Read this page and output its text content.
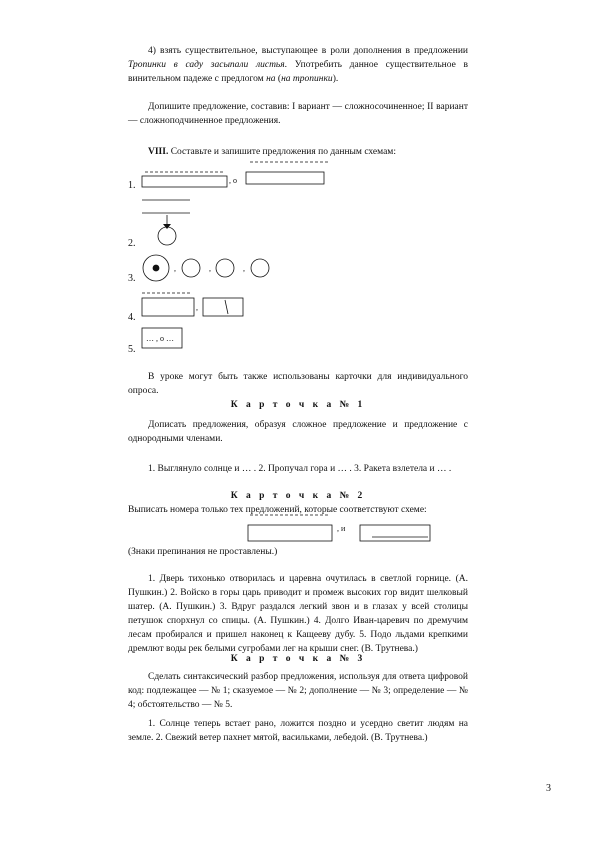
4) взять существительное, выступающее в роли дополнения в предложении Тропинки в саду засыпали листья. Употребить данное существительное в винительном падеже с предлогом на (на тропинки).
Допишите предложение, составив: I вариант — сложносочиненное; II вариант — сложноподчиненное предложения.
VIII. Составьте и запишите предложения по данным схемам:
1.
2.
3.
4.
5.
, о
,	,	,
,
… , о …
, и
В уроке могут быть также использованы карточки для индивидуального опроса.
К а р т о ч к а № 1
Дописать предложения, образуя сложное предложение и предложение с однородными членами.
1. Выглянуло солнце и … . 2. Пропучал гора и … . 3. Ракета взлетела и … .
К а р т о ч к а № 2
Выписать номера только тех предложений, которые соответствуют схеме:
(Знаки препинания не проставлены.)
1. Дверь тихонько отворилась и царевна очутилась в светлой горнице. (А. Пушкин.) 2. Войско в горы царь приводит и промеж высоких гор видит шелковый шатер. (А. Пушкин.) 3. Вдруг раздался легкий звон и в глазах у всей столицы петушок спорхнул со спицы. (А. Пушкин.) 4. Долго Иван-царевич по дремучим лесам пробирался и пришел наконец к Кащееву дубу. 5. Подо льдами крепкими дремлют воды рек белыми сугробами лег на крыши снег. (В. Трутнева.)
К а р т о ч к а № 3
Сделать синтаксический разбор предложения, используя для ответа цифровой код: подлежащее — № 1; сказуемое — № 2; дополнение — № 3; определение — № 4; обстоятельство — № 5.
1. Солнце теперь встает рано, ложится поздно и усердно светит людям на земле. 2. Свежий ветер пахнет мятой, васильками, лебедой. (В. Трутнева.)
3
